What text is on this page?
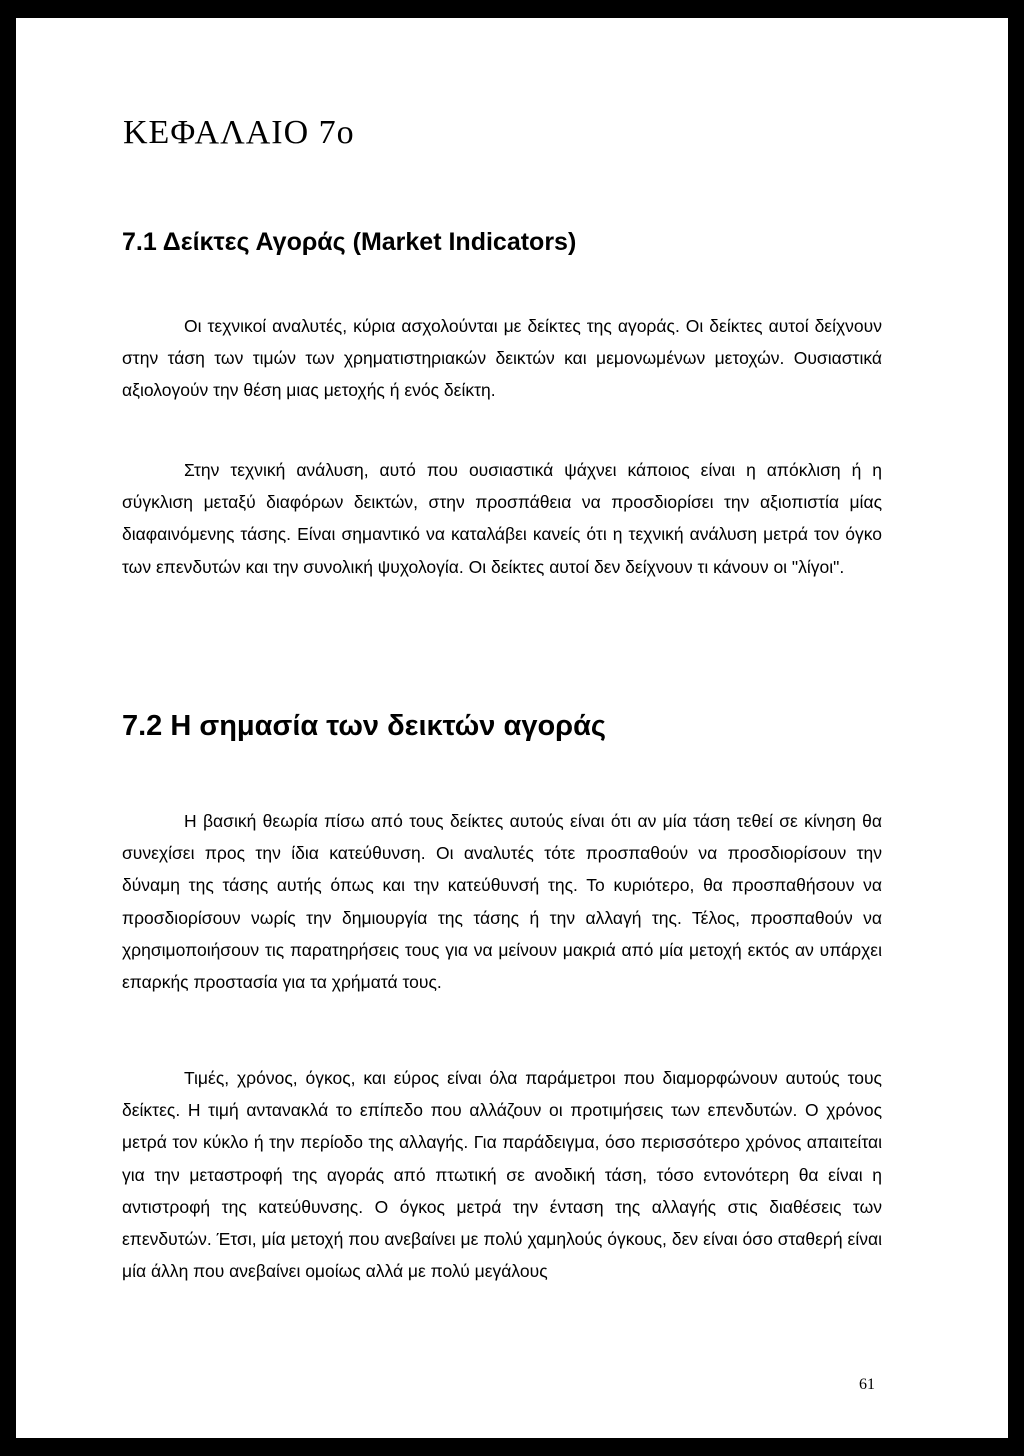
ΚΕΦΑΛΑΙΟ 7ο
7.1 Δείκτες Αγοράς (Market Indicators)

Οι τεχνικοί αναλυτές, κύρια ασχολούνται με δείκτες της αγοράς. Οι δείκτες αυτοί δείχνουν στην τάση των τιμών των χρηματιστηριακών δεικτών και μεμονωμένων μετοχών. Ουσιαστικά αξιολογούν την θέση μιας μετοχής ή ενός δείκτη.

Στην τεχνική ανάλυση, αυτό που ουσιαστικά ψάχνει κάποιος είναι η απόκλιση ή η σύγκλιση μεταξύ διαφόρων δεικτών, στην προσπάθεια να προσδιορίσει την αξιοπιστία μίας διαφαινόμενης τάσης. Είναι σημαντικό να καταλάβει κανείς ότι η τεχνική ανάλυση μετρά τον όγκο των επενδυτών και την συνολική ψυχολογία. Οι δείκτες αυτοί δεν δείχνουν τι κάνουν οι "λίγοι".

7.2 Η σημασία των δεικτών αγοράς

Η βασική θεωρία πίσω από τους δείκτες αυτούς είναι ότι αν μία τάση τεθεί σε κίνηση θα συνεχίσει προς την ίδια κατεύθυνση. Οι αναλυτές τότε προσπαθούν να προσδιορίσουν την δύναμη της τάσης αυτής όπως και την κατεύθυνσή της. Το κυριότερο, θα προσπαθήσουν να προσδιορίσουν νωρίς την δημιουργία της τάσης ή την αλλαγή της. Τέλος, προσπαθούν να χρησιμοποιήσουν τις παρατηρήσεις τους για να μείνουν μακριά από μία μετοχή εκτός αν υπάρχει επαρκής προστασία για τα χρήματά τους.

Τιμές, χρόνος, όγκος, και εύρος είναι όλα παράμετροι που διαμορφώνουν αυτούς τους δείκτες. Η τιμή αντανακλά το επίπεδο που αλλάζουν οι προτιμήσεις των επενδυτών. Ο χρόνος μετρά τον κύκλο ή την περίοδο της αλλαγής. Για παράδειγμα, όσο περισσότερο χρόνος απαιτείται για την μεταστροφή της αγοράς από πτωτική σε ανοδική τάση, τόσο εντονότερη θα είναι η αντιστροφή της κατεύθυνσης. Ο όγκος μετρά την ένταση της αλλαγής στις διαθέσεις των επενδυτών. Έτσι, μία μετοχή που ανεβαίνει με πολύ χαμηλούς όγκους, δεν είναι όσο σταθερή είναι μία άλλη που ανεβαίνει ομοίως αλλά με πολύ μεγάλους

61
